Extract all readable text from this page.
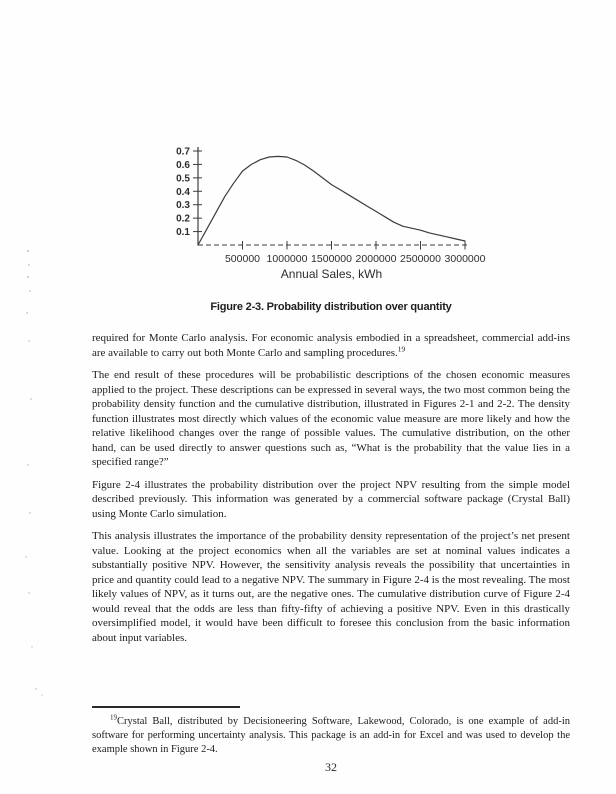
0.1
0.2
0.3
0.4
0.5
0.6
0.7
500000 1000000 1500000 2000000 2500000 3000000
Annual Sales, kWh
Figure 2-3. Probability distribution over quantity

required for Monte Carlo analysis. For economic analysis embodied in a spreadsheet, commercial add-ins are available to carry out both Monte Carlo and sampling procedures.$^{19}$

The end result of these procedures will be probabilistic descriptions of the chosen economic measures applied to the project. These descriptions can be expressed in several ways, the two most common being the probability density function and the cumulative distribution, illustrated in Figures 2-1 and 2-2. The density function illustrates most directly which values of the economic value measure are more likely and how the relative likelihood changes over the range of possible values. The cumulative distribution, on the other hand, can be used directly to answer questions such as, “What is the probability that the value lies in a specified range?”

Figure 2-4 illustrates the probability distribution over the project NPV resulting from the simple model described previously. This information was generated by a commercial software package (Crystal Ball) using Monte Carlo simulation.

This analysis illustrates the importance of the probability density representation of the project’s net present value. Looking at the project economics when all the variables are set at nominal values indicates a substantially positive NPV. However, the sensitivity analysis reveals the possibility that uncertainties in price and quantity could lead to a negative NPV. The summary in Figure 2-4 is the most revealing. The most likely values of NPV, as it turns out, are the negative ones. The cumulative distribution curve of Figure 2-4 would reveal that the odds are less than fifty-fifty of achieving a positive NPV. Even in this drastically oversimplified model, it would have been difficult to foresee this conclusion from the basic information about input variables.

$^{19}$Crystal Ball, distributed by Decisioneering Software, Lakewood, Colorado, is one example of add-in software for performing uncertainty analysis. This package is an add-in for Excel and was used to develop the example shown in Figure 2-4.

32
